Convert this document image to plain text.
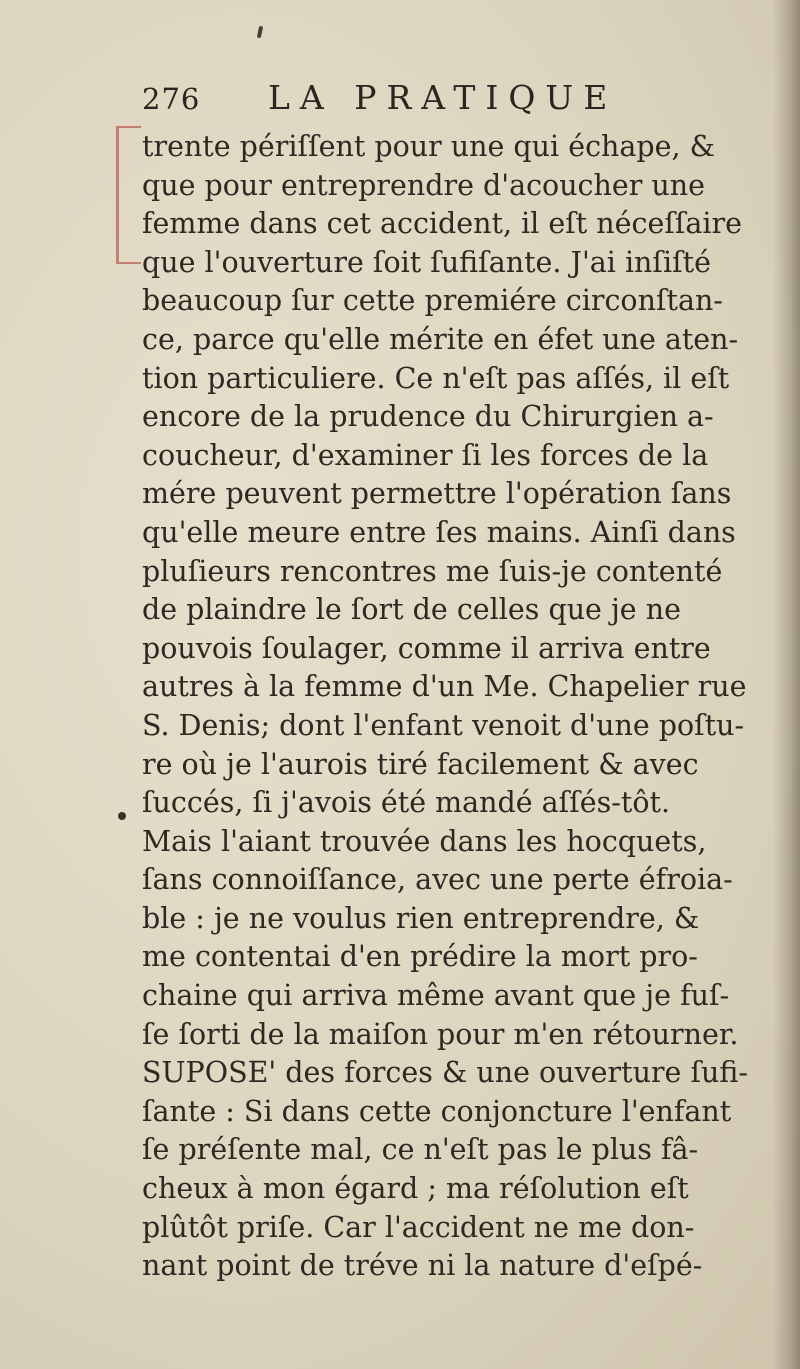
276 LA PRATIQUE
trente périſſent pour une qui échape, &
que pour entreprendre d'acoucher une
femme dans cet accident, il eſt néceſſaire
que l'ouverture ſoit ſufiſante. J'ai inſiſté
beaucoup ſur cette premiére circonſtan-
ce, parce qu'elle mérite en éfet une aten-
tion particuliere. Ce n'eſt pas aſſés, il eſt
encore de la prudence du Chirurgien a-
coucheur, d'examiner ſi les forces de la
mére peuvent permettre l'opération ſans
qu'elle meure entre ſes mains. Ainſi dans
pluſieurs rencontres me ſuis-je contenté
de plaindre le ſort de celles que je ne
pouvois ſoulager, comme il arriva entre
autres à la femme d'un Me. Chapelier rue
S. Denis; dont l'enfant venoit d'une poſtu-
re où je l'aurois tiré facilement & avec
ſuccés, ſi j'avois été mandé aſſés-tôt.
Mais l'aiant trouvée dans les hocquets,
ſans connoiſſance, avec une perte éfroia-
ble : je ne voulus rien entreprendre, &
me contentai d'en prédire la mort pro-
chaine qui arriva même avant que je fuſ-
ſe ſorti de la maiſon pour m'en rétourner.
SUPOSE' des forces & une ouverture ſufi-
ſante : Si dans cette conjoncture l'enfant
ſe préſente mal, ce n'eſt pas le plus fâ-
cheux à mon égard ; ma réſolution eſt
plûtôt priſe. Car l'accident ne me don-
nant point de tréve ni la nature d'eſpé-
